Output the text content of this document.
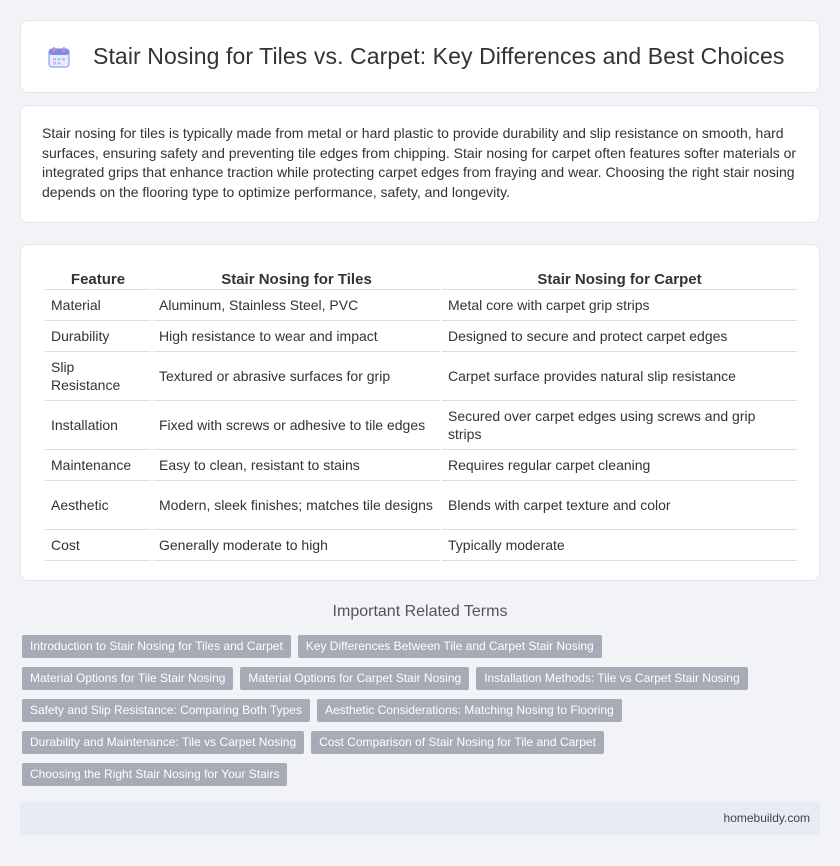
Stair Nosing for Tiles vs. Carpet: Key Differences and Best Choices

Stair nosing for tiles is typically made from metal or hard plastic to provide durability and slip resistance on smooth, hard surfaces, ensuring safety and preventing tile edges from chipping. Stair nosing for carpet often features softer materials or integrated grips that enhance traction while protecting carpet edges from fraying and wear. Choosing the right stair nosing depends on the flooring type to optimize performance, safety, and longevity.

Feature	Stair Nosing for Tiles	Stair Nosing for Carpet
Material	Aluminum, Stainless Steel, PVC	Metal core with carpet grip strips
Durability	High resistance to wear and impact	Designed to secure and protect carpet edges
Slip Resistance	Textured or abrasive surfaces for grip	Carpet surface provides natural slip resistance
Installation	Fixed with screws or adhesive to tile edges	Secured over carpet edges using screws and grip strips
Maintenance	Easy to clean, resistant to stains	Requires regular carpet cleaning
Aesthetic	Modern, sleek finishes; matches tile designs	Blends with carpet texture and color
Cost	Generally moderate to high	Typically moderate
Important Related Terms
Introduction to Stair Nosing for Tiles and Carpet	Key Differences Between Tile and Carpet Stair Nosing
Material Options for Tile Stair Nosing	Material Options for Carpet Stair Nosing	Installation Methods: Tile vs Carpet Stair Nosing
Safety and Slip Resistance: Comparing Both Types	Aesthetic Considerations: Matching Nosing to Flooring
Durability and Maintenance: Tile vs Carpet Nosing	Cost Comparison of Stair Nosing for Tile and Carpet
Choosing the Right Stair Nosing for Your Stairs
homebuildy.com
